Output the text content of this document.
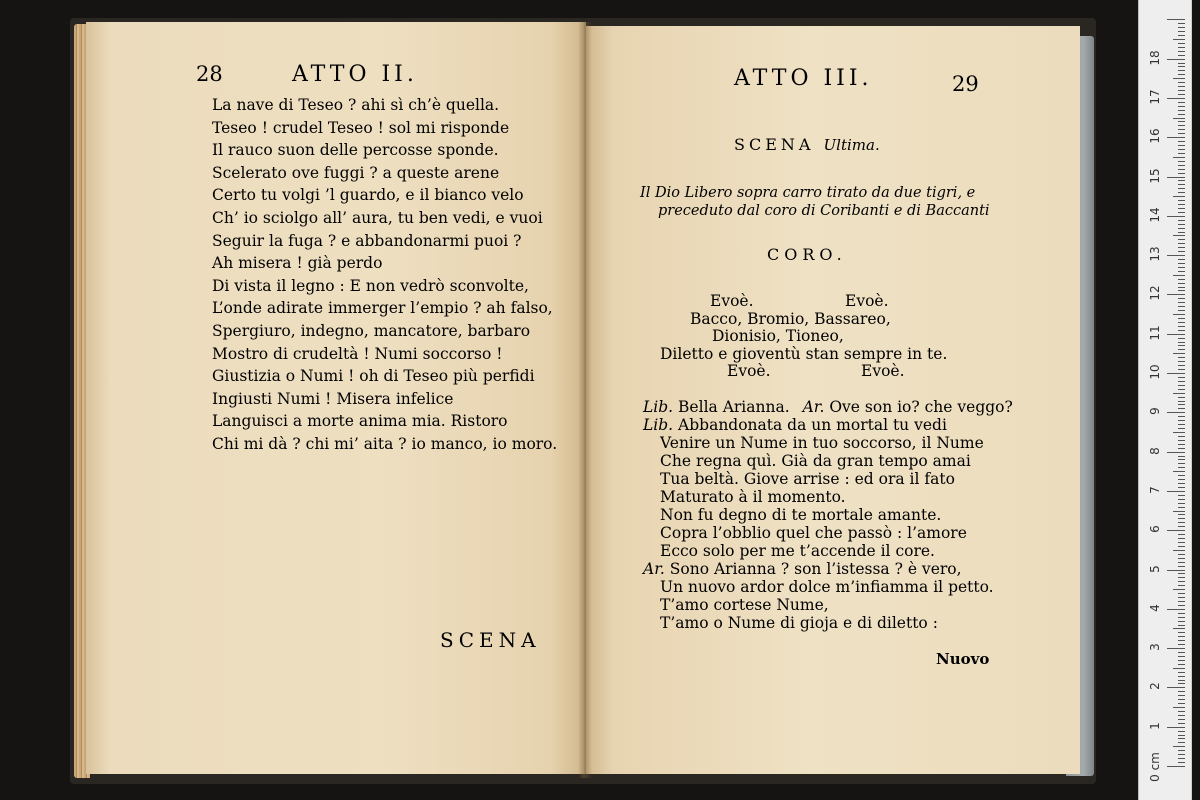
28	ATTO II.
La nave di Teseo ? ahi sì ch’è quella.
Teseo ! crudel Teseo ! sol mi risponde
Il rauco suon delle percosse sponde.
Scelerato ove fuggi ? a queste arene
Certo tu volgi ’l guardo, e il bianco velo
Ch’ io sciolgo all’ aura, tu ben vedi, e vuoi
Seguir la fuga ? e abbandonarmi puoi ?
Ah misera ! già perdo
Di vista il legno : E non vedrò sconvolte,
L’onde adirate immerger l’empio ? ah falso,
Spergiuro, indegno, mancatore, barbaro
Mostro di crudeltà ! Numi soccorso !
Giustizia o Numi ! oh di Teseo più perfidi
Ingiusti Numi ! Misera infelice
Languisci a morte anima mia. Ristoro
Chi mi dà ? chi mi’ aita ? io manco, io moro.
SCENA
ATTO III.	29
SCENA Ultima.
Il Dio Libero sopra carro tirato da due tigri, e
preceduto dal coro di Coribanti e di Baccanti
CORO.
Evoè.	Evoè.
Bacco, Bromio, Bassareo,
Dionisio, Tioneo,
Diletto e gioventù stan sempre in te.
Evoè.	Evoè.
Lib. Bella Arianna. Ar. Ove son io? che veggo?
Lib. Abbandonata da un mortal tu vedi
Venire un Nume in tuo soccorso, il Nume
Che regna quì. Già da gran tempo amai
Tua beltà. Giove arrise : ed ora il fato
Maturato à il momento.
Non fu degno di te mortale amante.
Copra l’obblio quel che passò : l’amore
Ecco solo per me t’accende il core.
Ar. Sono Arianna ? son l’istessa ? è vero,
Un nuovo ardor dolce m’infiamma il petto.
T’amo cortese Nume,
T’amo o Nume di gioja e di diletto :
Nuovo
0 cm
1
2
3
4
5
6
7
8
9
10
11
12
13
14
15
16
17
18
